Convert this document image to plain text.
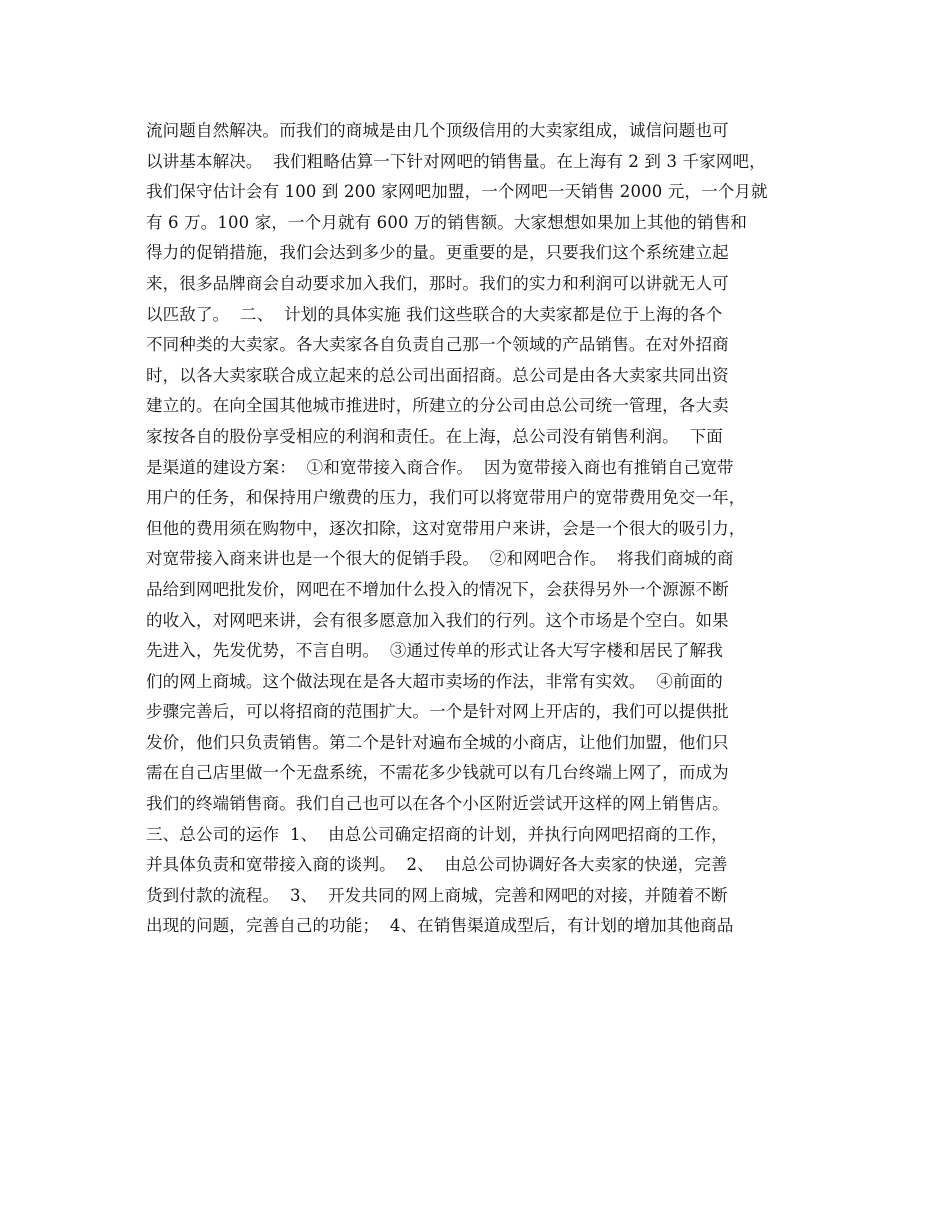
流问题自然解决。而我们的商城是由几个顶级信用的大卖家组成，诚信问题也可
以讲基本解决。  我们粗略估算一下针对网吧的销售量。在上海有 2 到 3 千家网吧，
我们保守估计会有 100 到 200 家网吧加盟，一个网吧一天销售 2000 元，一个月就
有 6 万。100 家，一个月就有 600 万的销售额。大家想想如果加上其他的销售和
得力的促销措施，我们会达到多少的量。更重要的是，只要我们这个系统建立起
来，很多品牌商会自动要求加入我们，那时。我们的实力和利润可以讲就无人可
以匹敌了。  二、  计划的具体实施 我们这些联合的大卖家都是位于上海的各个
不同种类的大卖家。各大卖家各自负责自己那一个领域的产品销售。在对外招商
时，以各大卖家联合成立起来的总公司出面招商。总公司是由各大卖家共同出资
建立的。在向全国其他城市推进时，所建立的分公司由总公司统一管理，各大卖
家按各自的股份享受相应的利润和责任。在上海，总公司没有销售利润。  下面
是渠道的建设方案：  ①和宽带接入商合作。  因为宽带接入商也有推销自己宽带
用户的任务，和保持用户缴费的压力，我们可以将宽带用户的宽带费用免交一年，
但他的费用须在购物中，逐次扣除，这对宽带用户来讲，会是一个很大的吸引力，
对宽带接入商来讲也是一个很大的促销手段。  ②和网吧合作。  将我们商城的商
品给到网吧批发价，网吧在不增加什么投入的情况下，会获得另外一个源源不断
的收入，对网吧来讲，会有很多愿意加入我们的行列。这个市场是个空白。如果
先进入，先发优势，不言自明。  ③通过传单的形式让各大写字楼和居民了解我
们的网上商城。这个做法现在是各大超市卖场的作法，非常有实效。  ④前面的
步骤完善后，可以将招商的范围扩大。一个是针对网上开店的，我们可以提供批
发价，他们只负责销售。第二个是针对遍布全城的小商店，让他们加盟，他们只
需在自己店里做一个无盘系统，不需花多少钱就可以有几台终端上网了，而成为
我们的终端销售商。我们自己也可以在各个小区附近尝试开这样的网上销售店。
三、总公司的运作  1、  由总公司确定招商的计划，并执行向网吧招商的工作，
并具体负责和宽带接入商的谈判。  2、  由总公司协调好各大卖家的快递，完善
货到付款的流程。  3、  开发共同的网上商城，完善和网吧的对接，并随着不断
出现的问题，完善自己的功能；  4、在销售渠道成型后，有计划的增加其他商品
